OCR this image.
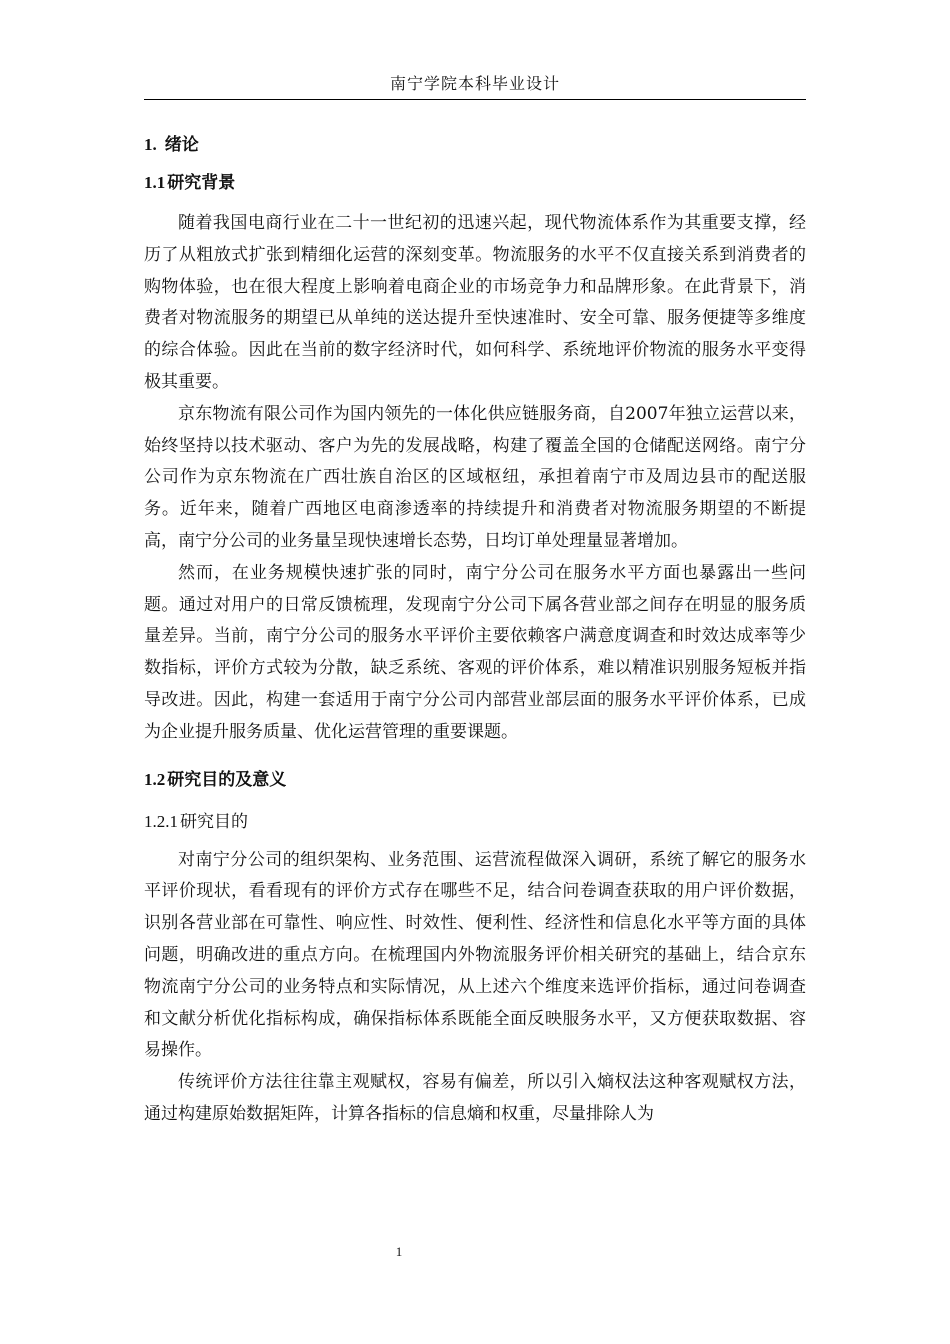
南宁学院本科毕业设计
1. 绪论
1.1 研究背景

随着我国电商行业在二十一世纪初的迅速兴起，现代物流体系作为其重要支撑，经历了从粗放式扩张到精细化运营的深刻变革。物流服务的水平不仅直接关系到消费者的购物体验，也在很大程度上影响着电商企业的市场竞争力和品牌形象。在此背景下，消费者对物流服务的期望已从单纯的送达提升至快速准时、安全可靠、服务便捷等多维度的综合体验。因此在当前的数字经济时代，如何科学、系统地评价物流的服务水平变得极其重要。

京东物流有限公司作为国内领先的一体化供应链服务商，自2007年独立运营以来，始终坚持以技术驱动、客户为先的发展战略，构建了覆盖全国的仓储配送网络。南宁分公司作为京东物流在广西壮族自治区的区域枢纽，承担着南宁市及周边县市的配送服务。近年来，随着广西地区电商渗透率的持续提升和消费者对物流服务期望的不断提高，南宁分公司的业务量呈现快速增长态势，日均订单处理量显著增加。

然而，在业务规模快速扩张的同时，南宁分公司在服务水平方面也暴露出一些问题。通过对用户的日常反馈梳理，发现南宁分公司下属各营业部之间存在明显的服务质量差异。当前，南宁分公司的服务水平评价主要依赖客户满意度调查和时效达成率等少数指标，评价方式较为分散，缺乏系统、客观的评价体系，难以精准识别服务短板并指导改进。因此，构建一套适用于南宁分公司内部营业部层面的服务水平评价体系，已成为企业提升服务质量、优化运营管理的重要课题。

1.2 研究目的及意义
1.2.1 研究目的

对南宁分公司的组织架构、业务范围、运营流程做深入调研，系统了解它的服务水平评价现状，看看现有的评价方式存在哪些不足，结合问卷调查获取的用户评价数据，识别各营业部在可靠性、响应性、时效性、便利性、经济性和信息化水平等方面的具体问题，明确改进的重点方向。在梳理国内外物流服务评价相关研究的基础上，结合京东物流南宁分公司的业务特点和实际情况，从上述六个维度来选评价指标，通过问卷调查和文献分析优化指标构成，确保指标体系既能全面反映服务水平，又方便获取数据、容易操作。

传统评价方法往往靠主观赋权，容易有偏差，所以引入熵权法这种客观赋权方法，通过构建原始数据矩阵，计算各指标的信息熵和权重，尽量排除人为

1
